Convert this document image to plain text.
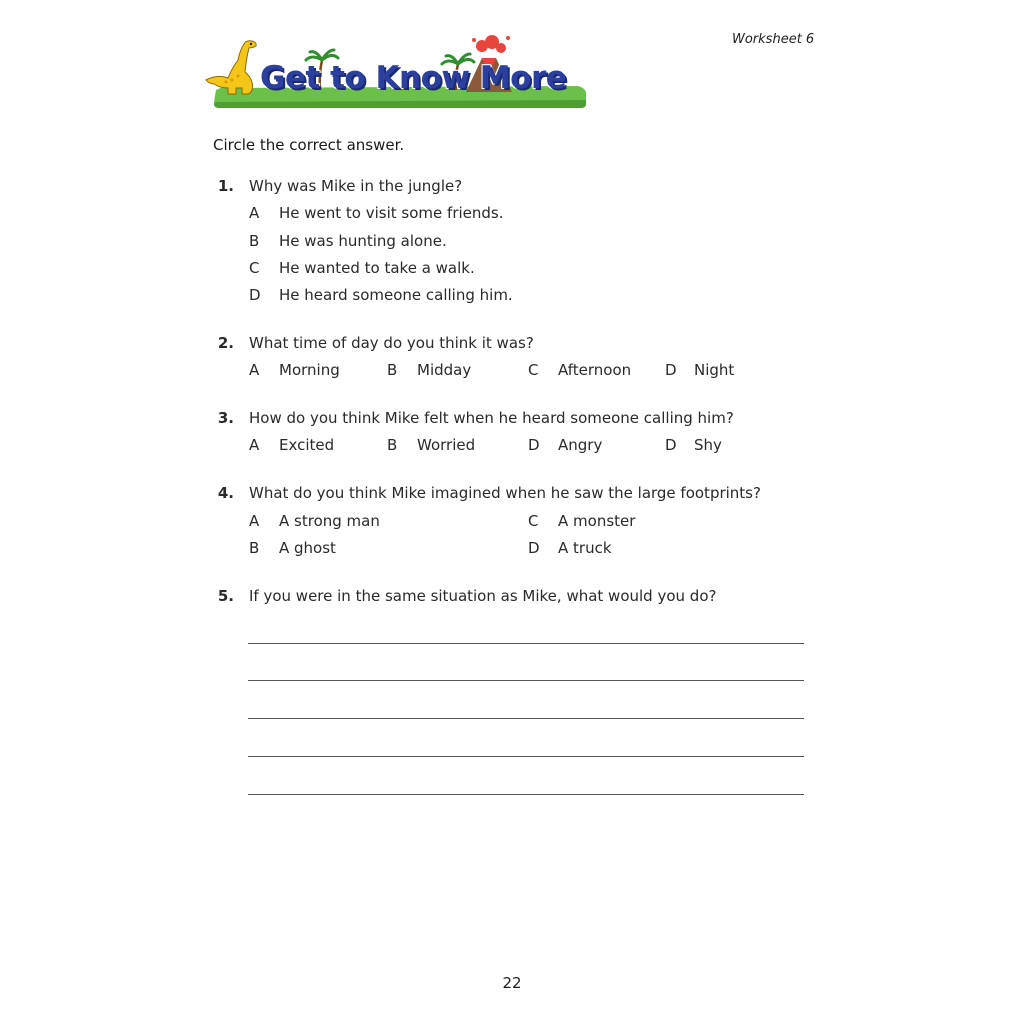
Worksheet 6
Get to Know More
Circle the correct answer.
1. Why was Mike in the jungle?
A He went to visit some friends.
B He was hunting alone.
C He wanted to take a walk.
D He heard someone calling him.
2. What time of day do you think it was?
A Morning	B Midday	C Afternoon D Night
3. How do you think Mike felt when he heard someone calling him?
A Excited	B Worried	D Angry	D Shy
4. What do you think Mike imagined when he saw the large footprints?
A A strong man	C A monster
B A ghost	D A truck
5. If you were in the same situation as Mike, what would you do?
22
